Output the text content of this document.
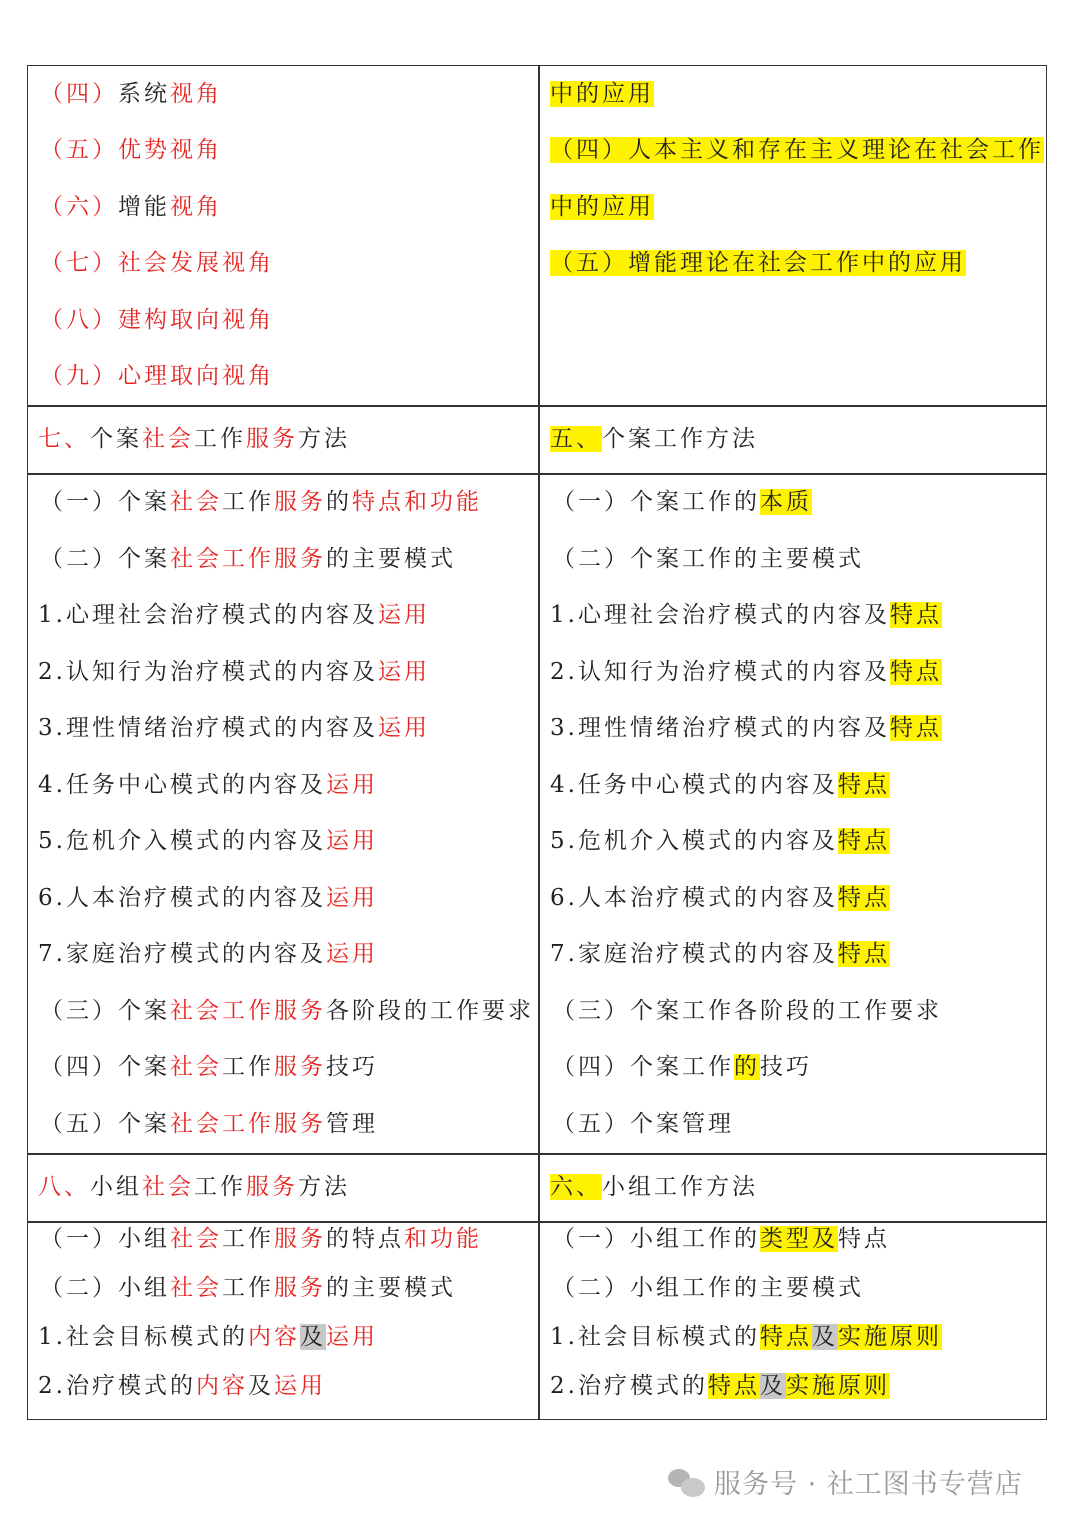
（四）系统视角
（五）优势视角
（六）增能视角
（七）社会发展视角
（八）建构取向视角
（九）心理取向视角
七、个案社会工作服务方法
（一）个案社会工作服务的特点和功能
（二）个案社会工作服务的主要模式
1.心理社会治疗模式的内容及运用
2.认知行为治疗模式的内容及运用
3.理性情绪治疗模式的内容及运用
4.任务中心模式的内容及运用
5.危机介入模式的内容及运用
6.人本治疗模式的内容及运用
7.家庭治疗模式的内容及运用
（三）个案社会工作服务各阶段的工作要求
（四）个案社会工作服务技巧
（五）个案社会工作服务管理
八、小组社会工作服务方法
（一）小组社会工作服务的特点和功能
（二）小组社会工作服务的主要模式
1.社会目标模式的内容及运用
2.治疗模式的内容及运用
中的应用
（四）人本主义和存在主义理论在社会工作
中的应用
（五）增能理论在社会工作中的应用
五、个案工作方法
（一）个案工作的本质
（二）个案工作的主要模式
1.心理社会治疗模式的内容及特点
2.认知行为治疗模式的内容及特点
3.理性情绪治疗模式的内容及特点
4.任务中心模式的内容及特点
5.危机介入模式的内容及特点
6.人本治疗模式的内容及特点
7.家庭治疗模式的内容及特点
（三）个案工作各阶段的工作要求
（四）个案工作的技巧
（五）个案管理
六、小组工作方法
（一）小组工作的类型及特点
（二）小组工作的主要模式
1.社会目标模式的特点及实施原则
2.治疗模式的特点及实施原则
服务号 · 社工图书专营店
